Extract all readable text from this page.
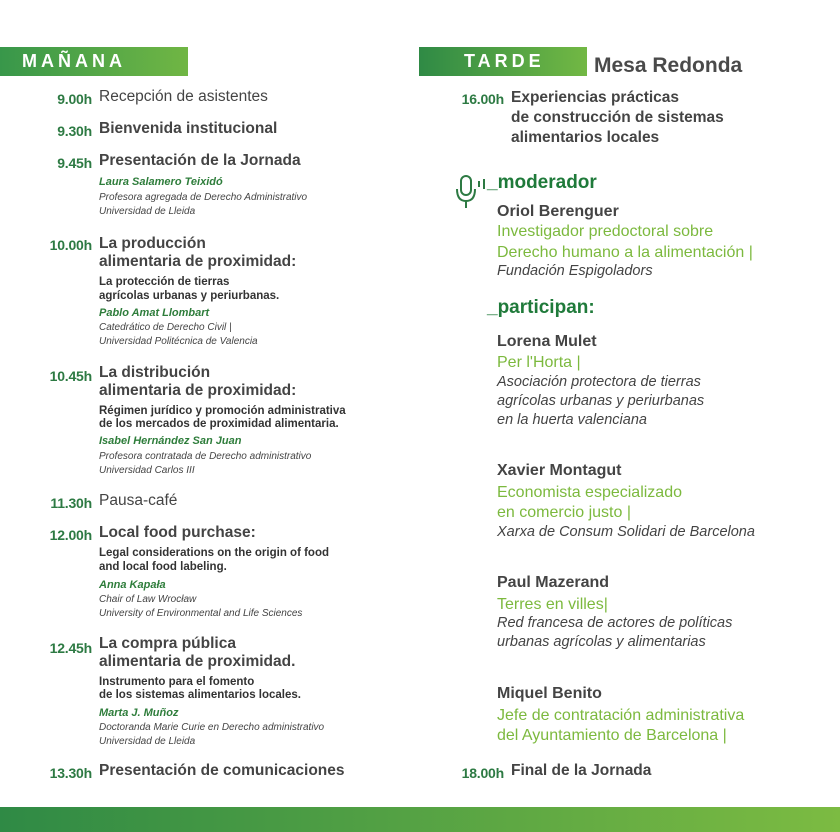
MAÑANA	TARDE	Mesa Redonda
9.00h Recepción de asistentes
9.30h Bienvenida institucional
9.45h Presentación de la Jornada
Laura Salamero Teixidó
Profesora agregada de Derecho Administrativo
Universidad de Lleida
10.00h La producción
alimentaria de proximidad:
La protección de tierras
agrícolas urbanas y periurbanas.
Pablo Amat Llombart
Catedrático de Derecho Civil |
Universidad Politécnica de Valencia
10.45h La distribución
alimentaria de proximidad:
Régimen jurídico y promoción administrativa
de los mercados de proximidad alimentaria.
Isabel Hernández San Juan
Profesora contratada de Derecho administrativo
Universidad Carlos III
11.30h Pausa-café
12.00h Local food purchase:
Legal considerations on the origin of food
and local food labeling.
Anna Kapała
Chair of Law Wrocław
University of Environmental and Life Sciences
12.45h La compra pública
alimentaria de proximidad.
Instrumento para el fomento
de los sistemas alimentarios locales.
Marta J. Muñoz
Doctoranda Marie Curie en Derecho administrativo
Universidad de Lleida
13.30h Presentación de comunicaciones
16.00h Experiencias prácticas
de construcción de sistemas
alimentarios locales
_moderador
Oriol Berenguer
Investigador predoctoral sobre
Derecho humano a la alimentación |
Fundación Espigoladors
_participan:
Lorena Mulet
Per l'Horta |
Asociación protectora de tierras
agrícolas urbanas y periurbanas
en la huerta valenciana
Xavier Montagut
Economista especializado
en comercio justo |
Xarxa de Consum Solidari de Barcelona
Paul Mazerand
Terres en villes|
Red francesa de actores de políticas
urbanas agrícolas y alimentarias
Miquel Benito
Jefe de contratación administrativa
del Ayuntamiento de Barcelona |
18.00h Final de la Jornada
